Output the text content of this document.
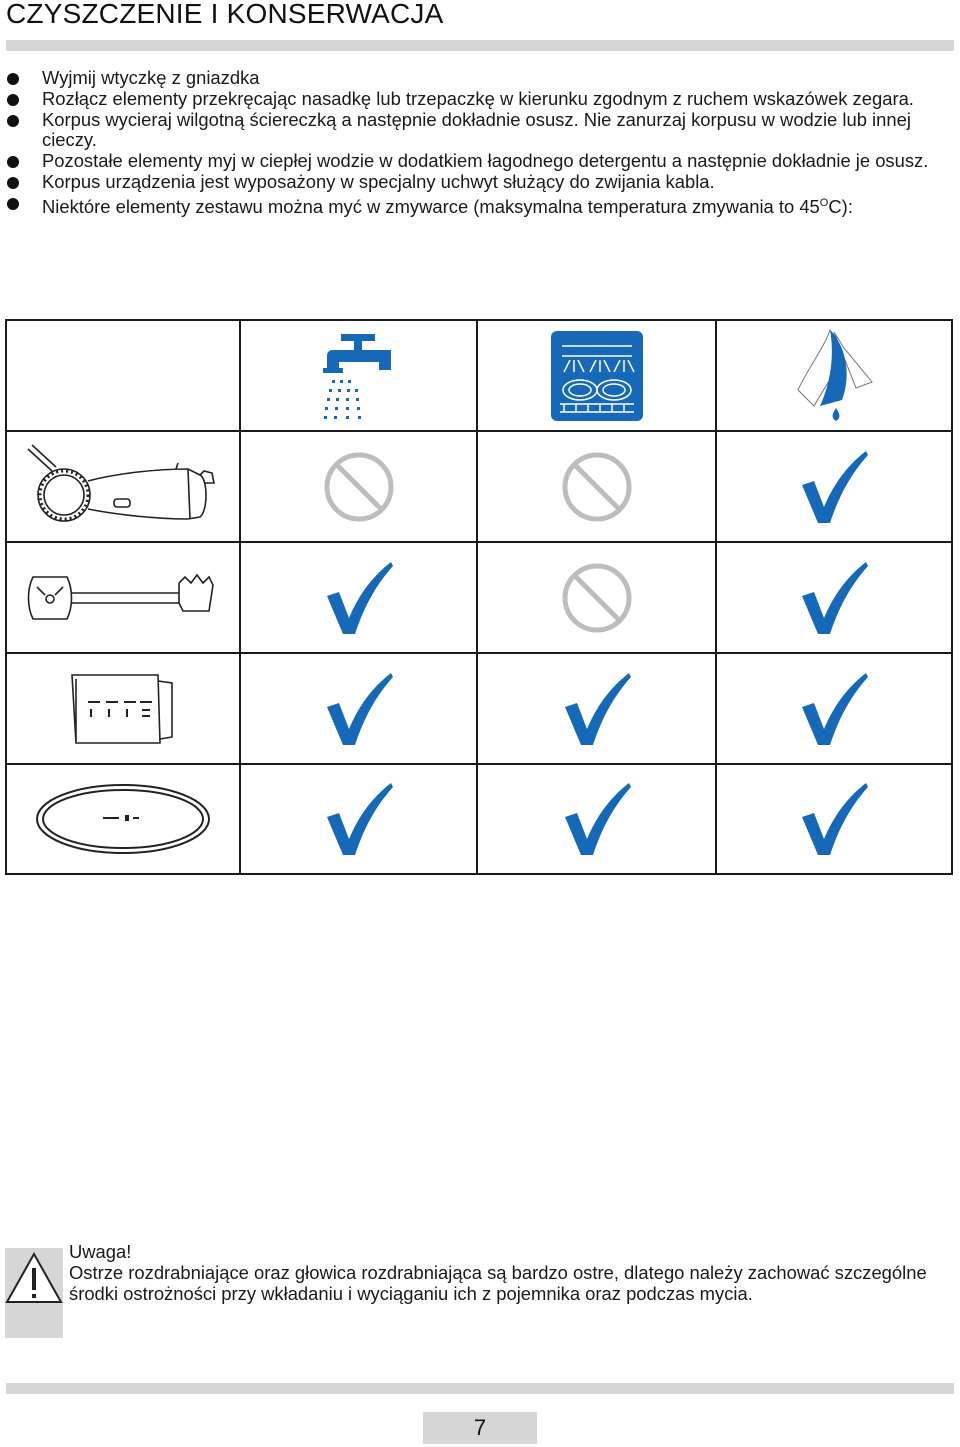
CZYSZCZENIE I KONSERWACJA
Wyjmij wtyczkę z gniazdka
Rozłącz elementy przekręcając nasadkę lub trzepaczkę w kierunku zgodnym z ruchem wskazówek zegara.
Korpus wycieraj wilgotną ściereczką a następnie dokładnie osusz. Nie zanurzaj korpusu w wodzie lub innej cieczy.
Pozostałe elementy myj w ciepłej wodzie w dodatkiem łagodnego detergentu a następnie dokładnie je osusz.
Korpus urządzenia jest wyposażony w specjalny uchwyt służący do zwijania kabla.
Niektóre elementy zestawu można myć w zmywarce (maksymalna temperatura zmywania to $45^OC$):
Uwaga!
Ostrze rozdrabniające oraz głowica rozdrabniająca są bardzo ostre, dlatego należy zachować szczególne środki ostrożności przy wkładaniu i wyciąganiu ich z pojemnika oraz podczas mycia.
7
